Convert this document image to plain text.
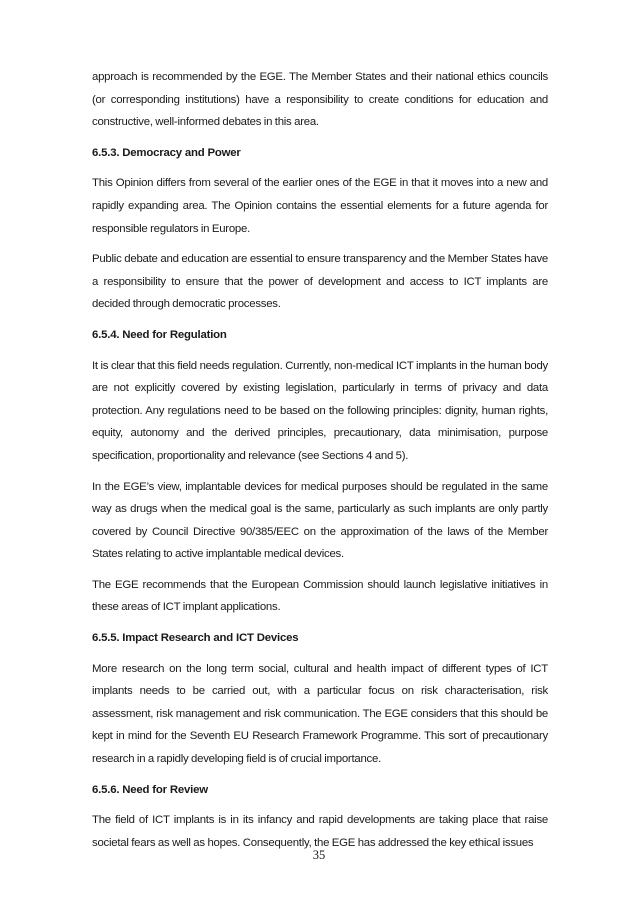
approach is recommended by the EGE. The Member States and their national ethics councils (or corresponding institutions) have a responsibility to create conditions for education and constructive, well-informed debates in this area.

6.5.3. Democracy and Power

This Opinion differs from several of the earlier ones of the EGE in that it moves into a new and rapidly expanding area. The Opinion contains the essential elements for a future agenda for responsible regulators in Europe.

Public debate and education are essential to ensure transparency and the Member States have a responsibility to ensure that the power of development and access to ICT implants are decided through democratic processes.

6.5.4. Need for Regulation

It is clear that this field needs regulation. Currently, non-medical ICT implants in the human body are not explicitly covered by existing legislation, particularly in terms of privacy and data protection. Any regulations need to be based on the following principles: dignity, human rights, equity, autonomy and the derived principles, precautionary, data minimisation, purpose specification, proportionality and relevance (see Sections 4 and 5).

In the EGE’s view, implantable devices for medical purposes should be regulated in the same way as drugs when the medical goal is the same, particularly as such implants are only partly covered by Council Directive 90/385/EEC on the approximation of the laws of the Member States relating to active implantable medical devices.

The EGE recommends that the European Commission should launch legislative initiatives in these areas of ICT implant applications.

6.5.5. Impact Research and ICT Devices

More research on the long term social, cultural and health impact of different types of ICT implants needs to be carried out, with a particular focus on risk characterisation, risk assessment, risk management and risk communication. The EGE considers that this should be kept in mind for the Seventh EU Research Framework Programme. This sort of precautionary research in a rapidly developing field is of crucial importance.

6.5.6. Need for Review

The field of ICT implants is in its infancy and rapid developments are taking place that raise societal fears as well as hopes. Consequently, the EGE has addressed the key ethical issues

35
